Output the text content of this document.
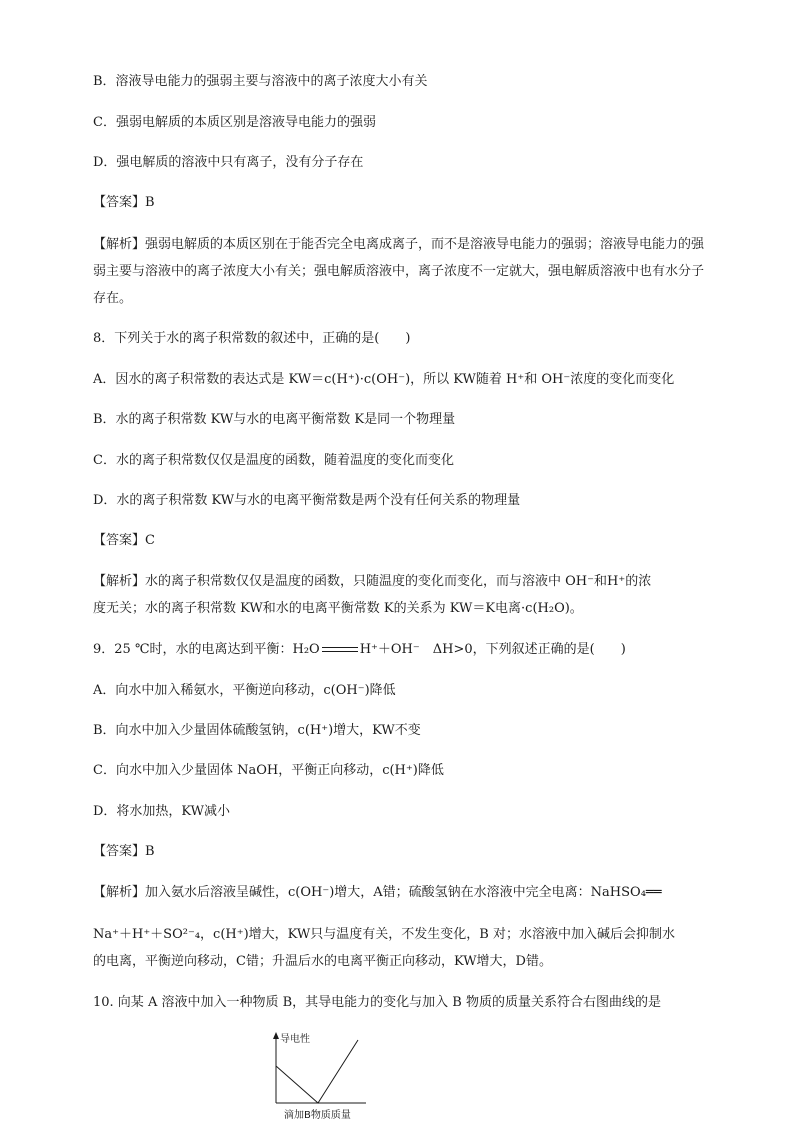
B．溶液导电能力的强弱主要与溶液中的离子浓度大小有关
C．强弱电解质的本质区别是溶液导电能力的强弱
D．强电解质的溶液中只有离子，没有分子存在
【答案】B
【解析】强弱电解质的本质区别在于能否完全电离成离子，而不是溶液导电能力的强弱；溶液导电能力的强弱主要与溶液中的离子浓度大小有关；强电解质溶液中，离子浓度不一定就大，强电解质溶液中也有水分子存在。
8．下列关于水的离子积常数的叙述中，正确的是(　　)
A．因水的离子积常数的表达式是 KW＝c(H⁺)·c(OH⁻)，所以 KW随着 H⁺和 OH⁻浓度的变化而变化
B．水的离子积常数 KW与水的电离平衡常数 K是同一个物理量
C．水的离子积常数仅仅是温度的函数，随着温度的变化而变化
D．水的离子积常数 KW与水的电离平衡常数是两个没有任何关系的物理量
【答案】C
【解析】水的离子积常数仅仅是温度的函数，只随温度的变化而变化，而与溶液中 OH⁻和H⁺的浓
度无关；水的离子积常数 KW和水的电离平衡常数 K的关系为 KW＝K电离·c(H₂O)。
9．25 ℃时，水的电离达到平衡：H₂O	H⁺＋OH⁻　ΔH>0，下列叙述正确的是(　　)
A．向水中加入稀氨水，平衡逆向移动，c(OH⁻)降低
B．向水中加入少量固体硫酸氢钠，c(H⁺)增大，KW不变
C．向水中加入少量固体 NaOH，平衡正向移动，c(H⁺)降低
D．将水加热，KW减小
【答案】B
【解析】加入氨水后溶液呈碱性，c(OH⁻)增大，A错；硫酸氢钠在水溶液中完全电离：NaHSO₄══
Na⁺＋H⁺＋SO²⁻₄，c(H⁺)增大，KW只与温度有关，不发生变化，B 对；水溶液中加入碱后会抑制水
的电离，平衡逆向移动，C错；升温后水的电离平衡正向移动，KW增大，D错。
10. 向某 A 溶液中加入一种物质 B，其导电能力的变化与加入 B 物质的质量关系符合右图曲线的是
导电性
滴加B物质质量
